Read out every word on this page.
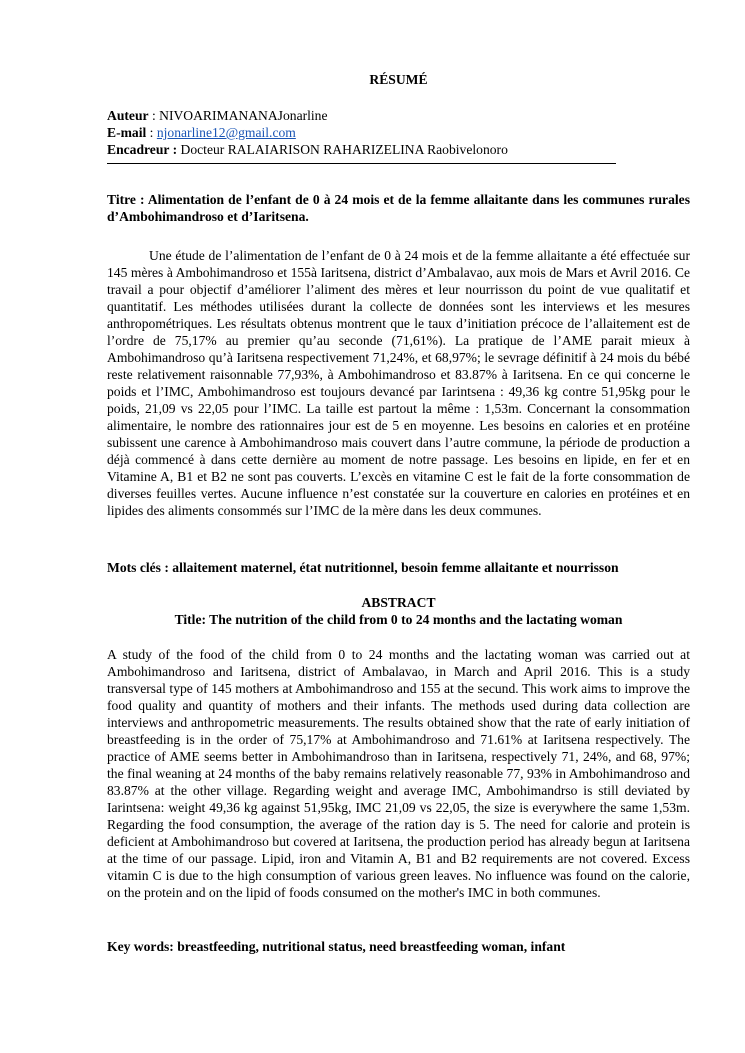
RÉSUMÉ
Auteur : NIVOARIMANANAJonarline
E-mail : njonarline12@gmail.com
Encadreur : Docteur RALAIARISON RAHARIZELINA Raobivelonoro

Titre : Alimentation de l’enfant de 0 à 24 mois et de la femme allaitante dans les communes rurales d’Ambohimandroso et d’Iaritsena.

Une étude de l’alimentation de l’enfant de 0 à 24 mois et de la femme allaitante a été effectuée sur 145 mères à Ambohimandroso et 155à Iaritsena, district d’Ambalavao, aux mois de Mars et Avril 2016. Ce travail a pour objectif d’améliorer l’aliment des mères et leur nourrisson du point de vue qualitatif et quantitatif. Les méthodes utilisées durant la collecte de données sont les interviews et les mesures anthropométriques. Les résultats obtenus montrent que le taux d’initiation précoce de l’allaitement est de l’ordre de 75,17% au premier qu’au seconde (71,61%). La pratique de l’AME parait mieux à Ambohimandroso qu’à Iaritsena respectivement 71,24%, et 68,97%; le sevrage définitif à 24 mois du bébé reste relativement raisonnable 77,93%, à Ambohimandroso et 83.87% à Iaritsena. En ce qui concerne le poids et l’IMC, Ambohimandroso est toujours devancé par Iarintsena : 49,36 kg contre 51,95kg pour le poids, 21,09 vs 22,05 pour l’IMC. La taille est partout la même : 1,53m. Concernant la consommation alimentaire, le nombre des rationnaires jour est de 5 en moyenne. Les besoins en calories et en protéine subissent une carence à Ambohimandroso mais couvert dans l’autre commune, la période de production a déjà commencé à dans cette dernière au moment de notre passage. Les besoins en lipide, en fer et en Vitamine A, B1 et B2 ne sont pas couverts. L’excès en vitamine C est le fait de la forte consommation de diverses feuilles vertes. Aucune influence n’est constatée sur la couverture en calories en protéines et en lipides des aliments consommés sur l’IMC de la mère dans les deux communes.

Mots clés : allaitement maternel, état nutritionnel, besoin femme allaitante et nourrisson
ABSTRACT
Title: The nutrition of the child from 0 to 24 months and the lactating woman

A study of the food of the child from 0 to 24 months and the lactating woman was carried out at Ambohimandroso and Iaritsena, district of Ambalavao, in March and April 2016. This is a study transversal type of 145 mothers at Ambohimandroso and 155 at the secund. This work aims to improve the food quality and quantity of mothers and their infants. The methods used during data collection are interviews and anthropometric measurements. The results obtained show that the rate of early initiation of breastfeeding is in the order of 75,17% at Ambohimandroso and 71.61% at Iaritsena respectively. The practice of AME seems better in Ambohimandroso than in Iaritsena, respectively 71, 24%, and 68, 97%; the final weaning at 24 months of the baby remains relatively reasonable 77, 93% in Ambohimandroso and 83.87% at the other village. Regarding weight and average IMC, Ambohimandrso is still deviated by Iarintsena: weight 49,36 kg against 51,95kg, IMC 21,09 vs 22,05, the size is everywhere the same 1,53m. Regarding the food consumption, the average of the ration day is 5. The need for calorie and protein is deficient at Ambohimandroso but covered at Iaritsena, the production period has already begun at Iaritsena at the time of our passage. Lipid, iron and Vitamin A, B1 and B2 requirements are not covered. Excess vitamin C is due to the high consumption of various green leaves. No influence was found on the calorie, on the protein and on the lipid of foods consumed on the mother's IMC in both communes.

Key words: breastfeeding, nutritional status, need breastfeeding woman, infant
